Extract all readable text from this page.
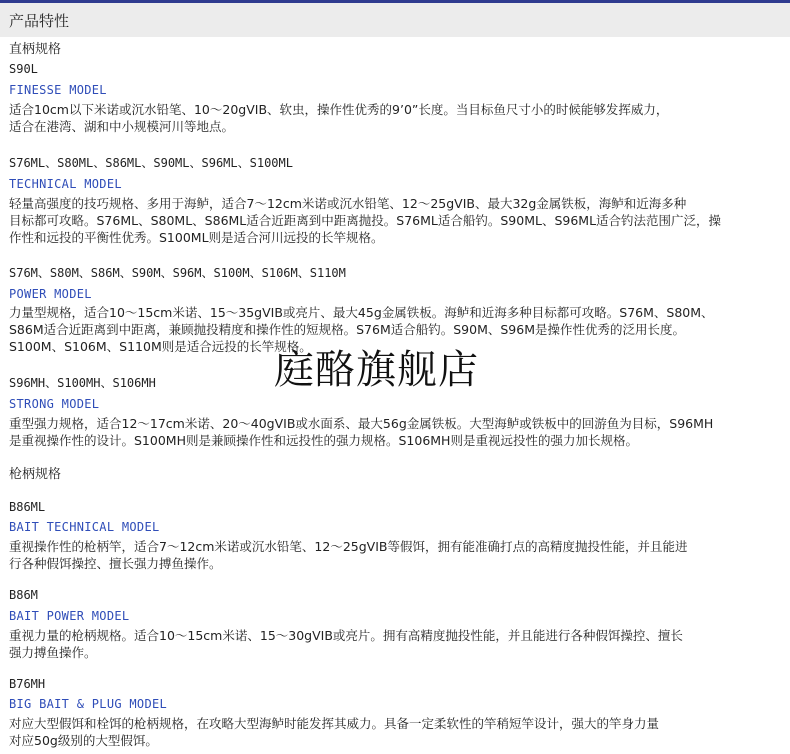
产品特性
直柄规格
S90L
FINESSE MODEL
适合10cm以下米诺或沉水铅笔、10～20gVIB、软虫，操作性优秀的9’0”长度。当目标鱼尺寸小的时候能够发挥威力，
适合在港湾、湖和中小规模河川等地点。
S76ML、S80ML、S86ML、S90ML、S96ML、S100ML
TECHNICAL MODEL
轻量高强度的技巧规格、多用于海鲈，适合7～12cm米诺或沉水铅笔、12～25gVIB、最大32g金属铁板，海鲈和近海多种
目标都可攻略。S76ML、S80ML、S86ML适合近距离到中距离抛投。S76ML适合船钓。S90ML、S96ML适合钓法范围广泛，操
作性和远投的平衡性优秀。S100ML则是适合河川远投的长竿规格。
S76M、S80M、S86M、S90M、S96M、S100M、S106M、S110M
POWER MODEL
力量型规格，适合10～15cm米诺、15～35gVIB或亮片、最大45g金属铁板。海鲈和近海多种目标都可攻略。S76M、S80M、
S86M适合近距离到中距离，兼顾抛投精度和操作性的短规格。S76M适合船钓。S90M、S96M是操作性优秀的泛用长度。
S100M、S106M、S110M则是适合远投的长竿规格。
S96MH、S100MH、S106MH
STRONG MODEL
重型强力规格，适合12～17cm米诺、20～40gVIB或水面系、最大56g金属铁板。大型海鲈或铁板中的回游鱼为目标，S96MH
是重视操作性的设计。S100MH则是兼顾操作性和远投性的强力规格。S106MH则是重视远投性的强力加长规格。
枪柄规格
B86ML
BAIT TECHNICAL MODEL
重视操作性的枪柄竿，适合7～12cm米诺或沉水铅笔、12～25gVIB等假饵，拥有能准确打点的高精度抛投性能，并且能进
行各种假饵操控、擅长强力搏鱼操作。
B86M
BAIT POWER MODEL
重视力量的枪柄规格。适合10～15cm米诺、15～30gVIB或亮片。拥有高精度抛投性能，并且能进行各种假饵操控、擅长
强力搏鱼操作。
B76MH
BIG BAIT & PLUG MODEL
对应大型假饵和栓饵的枪柄规格，在攻略大型海鲈时能发挥其威力。具备一定柔软性的竿稍短竿设计，强大的竿身力量
对应50g级别的大型假饵。
庭酪旗舰店
